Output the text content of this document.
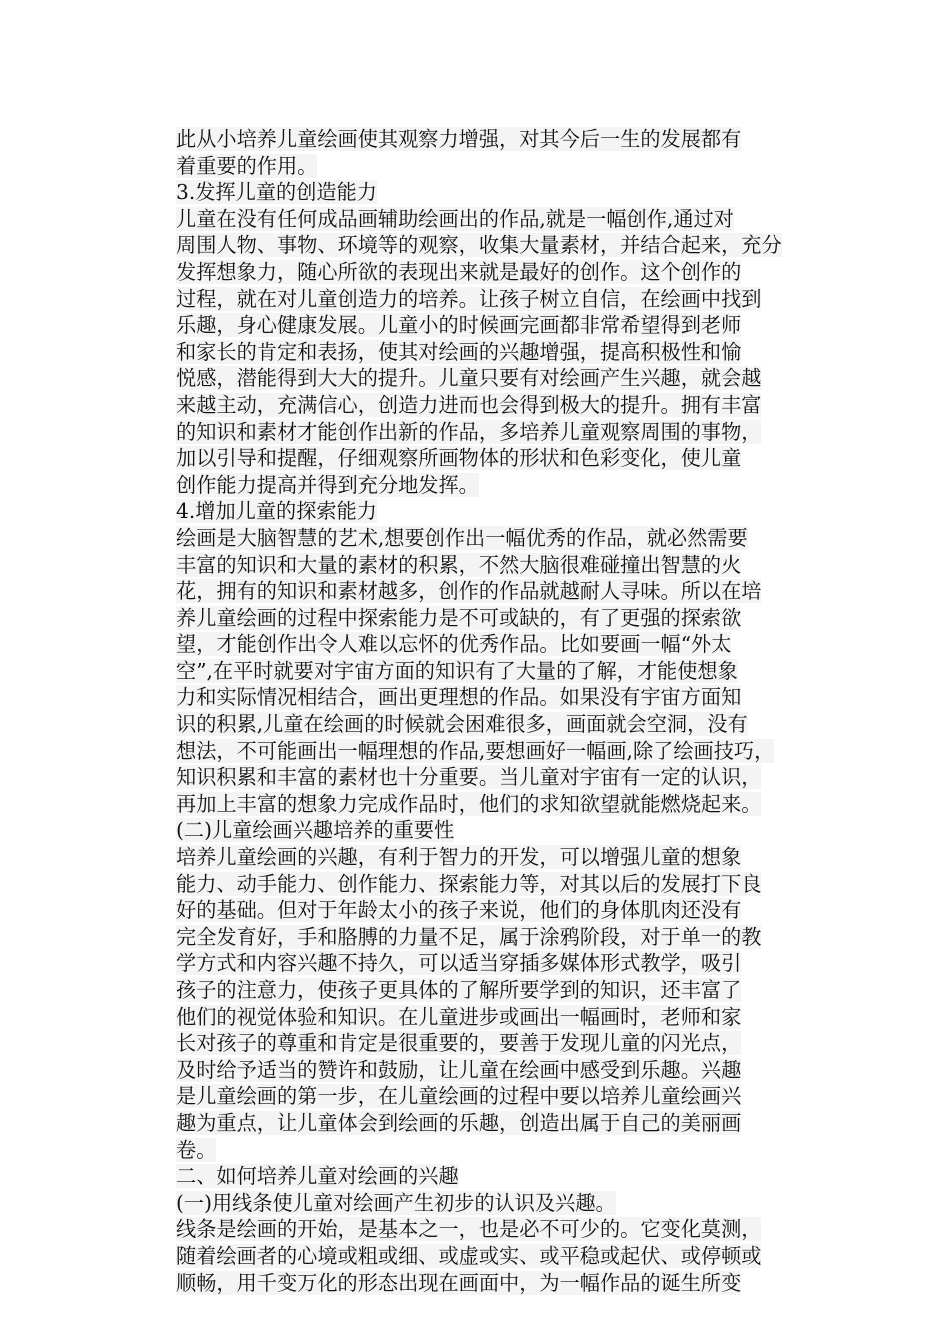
此从小培养儿童绘画使其观察力增强，对其今后一生的发展都有
着重要的作用。
3.发挥儿童的创造能力
儿童在没有任何成品画辅助绘画出的作品,就是一幅创作,通过对
周围人物、事物、环境等的观察，收集大量素材，并结合起来，充分
发挥想象力，随心所欲的表现出来就是最好的创作。这个创作的
过程，就在对儿童创造力的培养。让孩子树立自信，在绘画中找到
乐趣，身心健康发展。儿童小的时候画完画都非常希望得到老师
和家长的肯定和表扬，使其对绘画的兴趣增强，提高积极性和愉
悦感，潜能得到大大的提升。儿童只要有对绘画产生兴趣，就会越
来越主动，充满信心，创造力进而也会得到极大的提升。拥有丰富
的知识和素材才能创作出新的作品，多培养儿童观察周围的事物，
加以引导和提醒，仔细观察所画物体的形状和色彩变化，使儿童
创作能力提高并得到充分地发挥。
4.增加儿童的探索能力
绘画是大脑智慧的艺术,想要创作出一幅优秀的作品，就必然需要
丰富的知识和大量的素材的积累，不然大脑很难碰撞出智慧的火
花，拥有的知识和素材越多，创作的作品就越耐人寻味。所以在培
养儿童绘画的过程中探索能力是不可或缺的，有了更强的探索欲
望，才能创作出令人难以忘怀的优秀作品。比如要画一幅“外太
空”,在平时就要对宇宙方面的知识有了大量的了解，才能使想象
力和实际情况相结合，画出更理想的作品。如果没有宇宙方面知
识的积累,儿童在绘画的时候就会困难很多，画面就会空洞，没有
想法，不可能画出一幅理想的作品,要想画好一幅画,除了绘画技巧，
知识积累和丰富的素材也十分重要。当儿童对宇宙有一定的认识，
再加上丰富的想象力完成作品时，他们的求知欲望就能燃烧起来。
(二)儿童绘画兴趣培养的重要性
培养儿童绘画的兴趣，有利于智力的开发，可以增强儿童的想象
能力、动手能力、创作能力、探索能力等，对其以后的发展打下良
好的基础。但对于年龄太小的孩子来说，他们的身体肌肉还没有
完全发育好，手和胳膊的力量不足，属于涂鸦阶段，对于单一的教
学方式和内容兴趣不持久，可以适当穿插多媒体形式教学，吸引
孩子的注意力，使孩子更具体的了解所要学到的知识，还丰富了
他们的视觉体验和知识。在儿童进步或画出一幅画时，老师和家
长对孩子的尊重和肯定是很重要的，要善于发现儿童的闪光点，
及时给予适当的赞许和鼓励，让儿童在绘画中感受到乐趣。兴趣
是儿童绘画的第一步，在儿童绘画的过程中要以培养儿童绘画兴
趣为重点，让儿童体会到绘画的乐趣，创造出属于自己的美丽画
卷。
二、如何培养儿童对绘画的兴趣
(一)用线条使儿童对绘画产生初步的认识及兴趣。
线条是绘画的开始，是基本之一，也是必不可少的。它变化莫测，
随着绘画者的心境或粗或细、或虚或实、或平稳或起伏、或停顿或
顺畅，用千变万化的形态出现在画面中，为一幅作品的诞生所变
